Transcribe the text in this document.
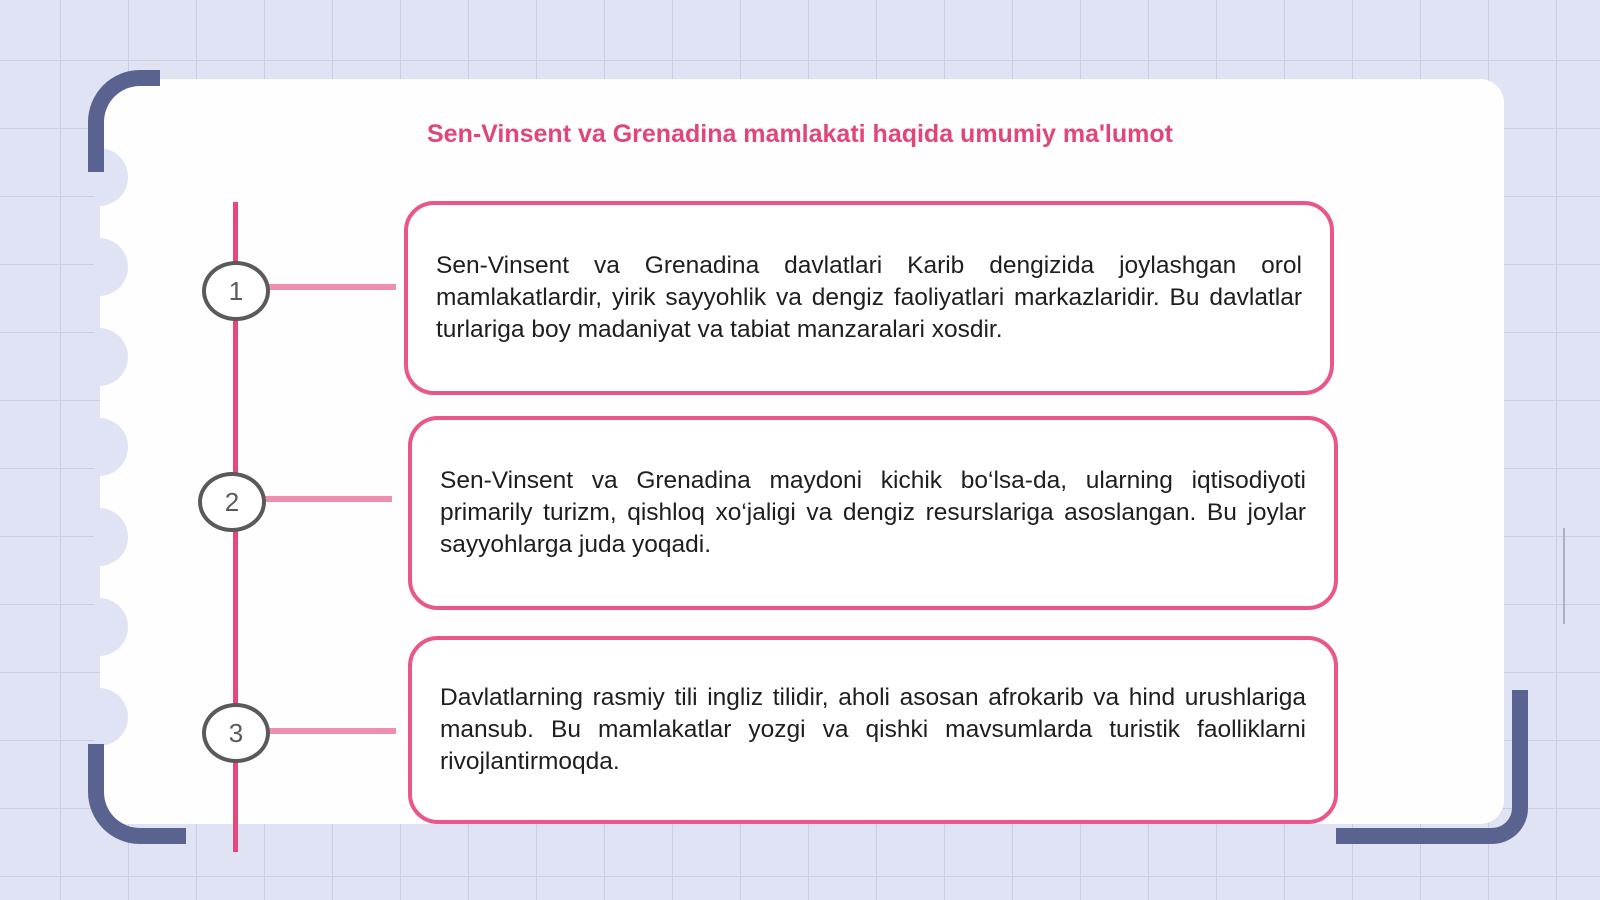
Sen-Vinsent va Grenadina mamlakati haqida umumiy ma'lumot
1
2
3

Sen-Vinsent va Grenadina davlatlari Karib dengizida joylashgan orol mamlakatlardir, yirik sayyohlik va dengiz faoliyatlari markazlaridir. Bu davlatlar turlariga boy madaniyat va tabiat manzaralari xosdir.

Sen-Vinsent va Grenadina maydoni kichik bo‘lsa-da, ularning iqtisodiyoti primarily turizm, qishloq xo‘jaligi va dengiz resurslariga asoslangan. Bu joylar sayyohlarga juda yoqadi.

Davlatlarning rasmiy tili ingliz tilidir, aholi asosan afrokarib va hind urushlariga mansub. Bu mamlakatlar yozgi va qishki mavsumlarda turistik faolliklarni rivojlantirmoqda.
